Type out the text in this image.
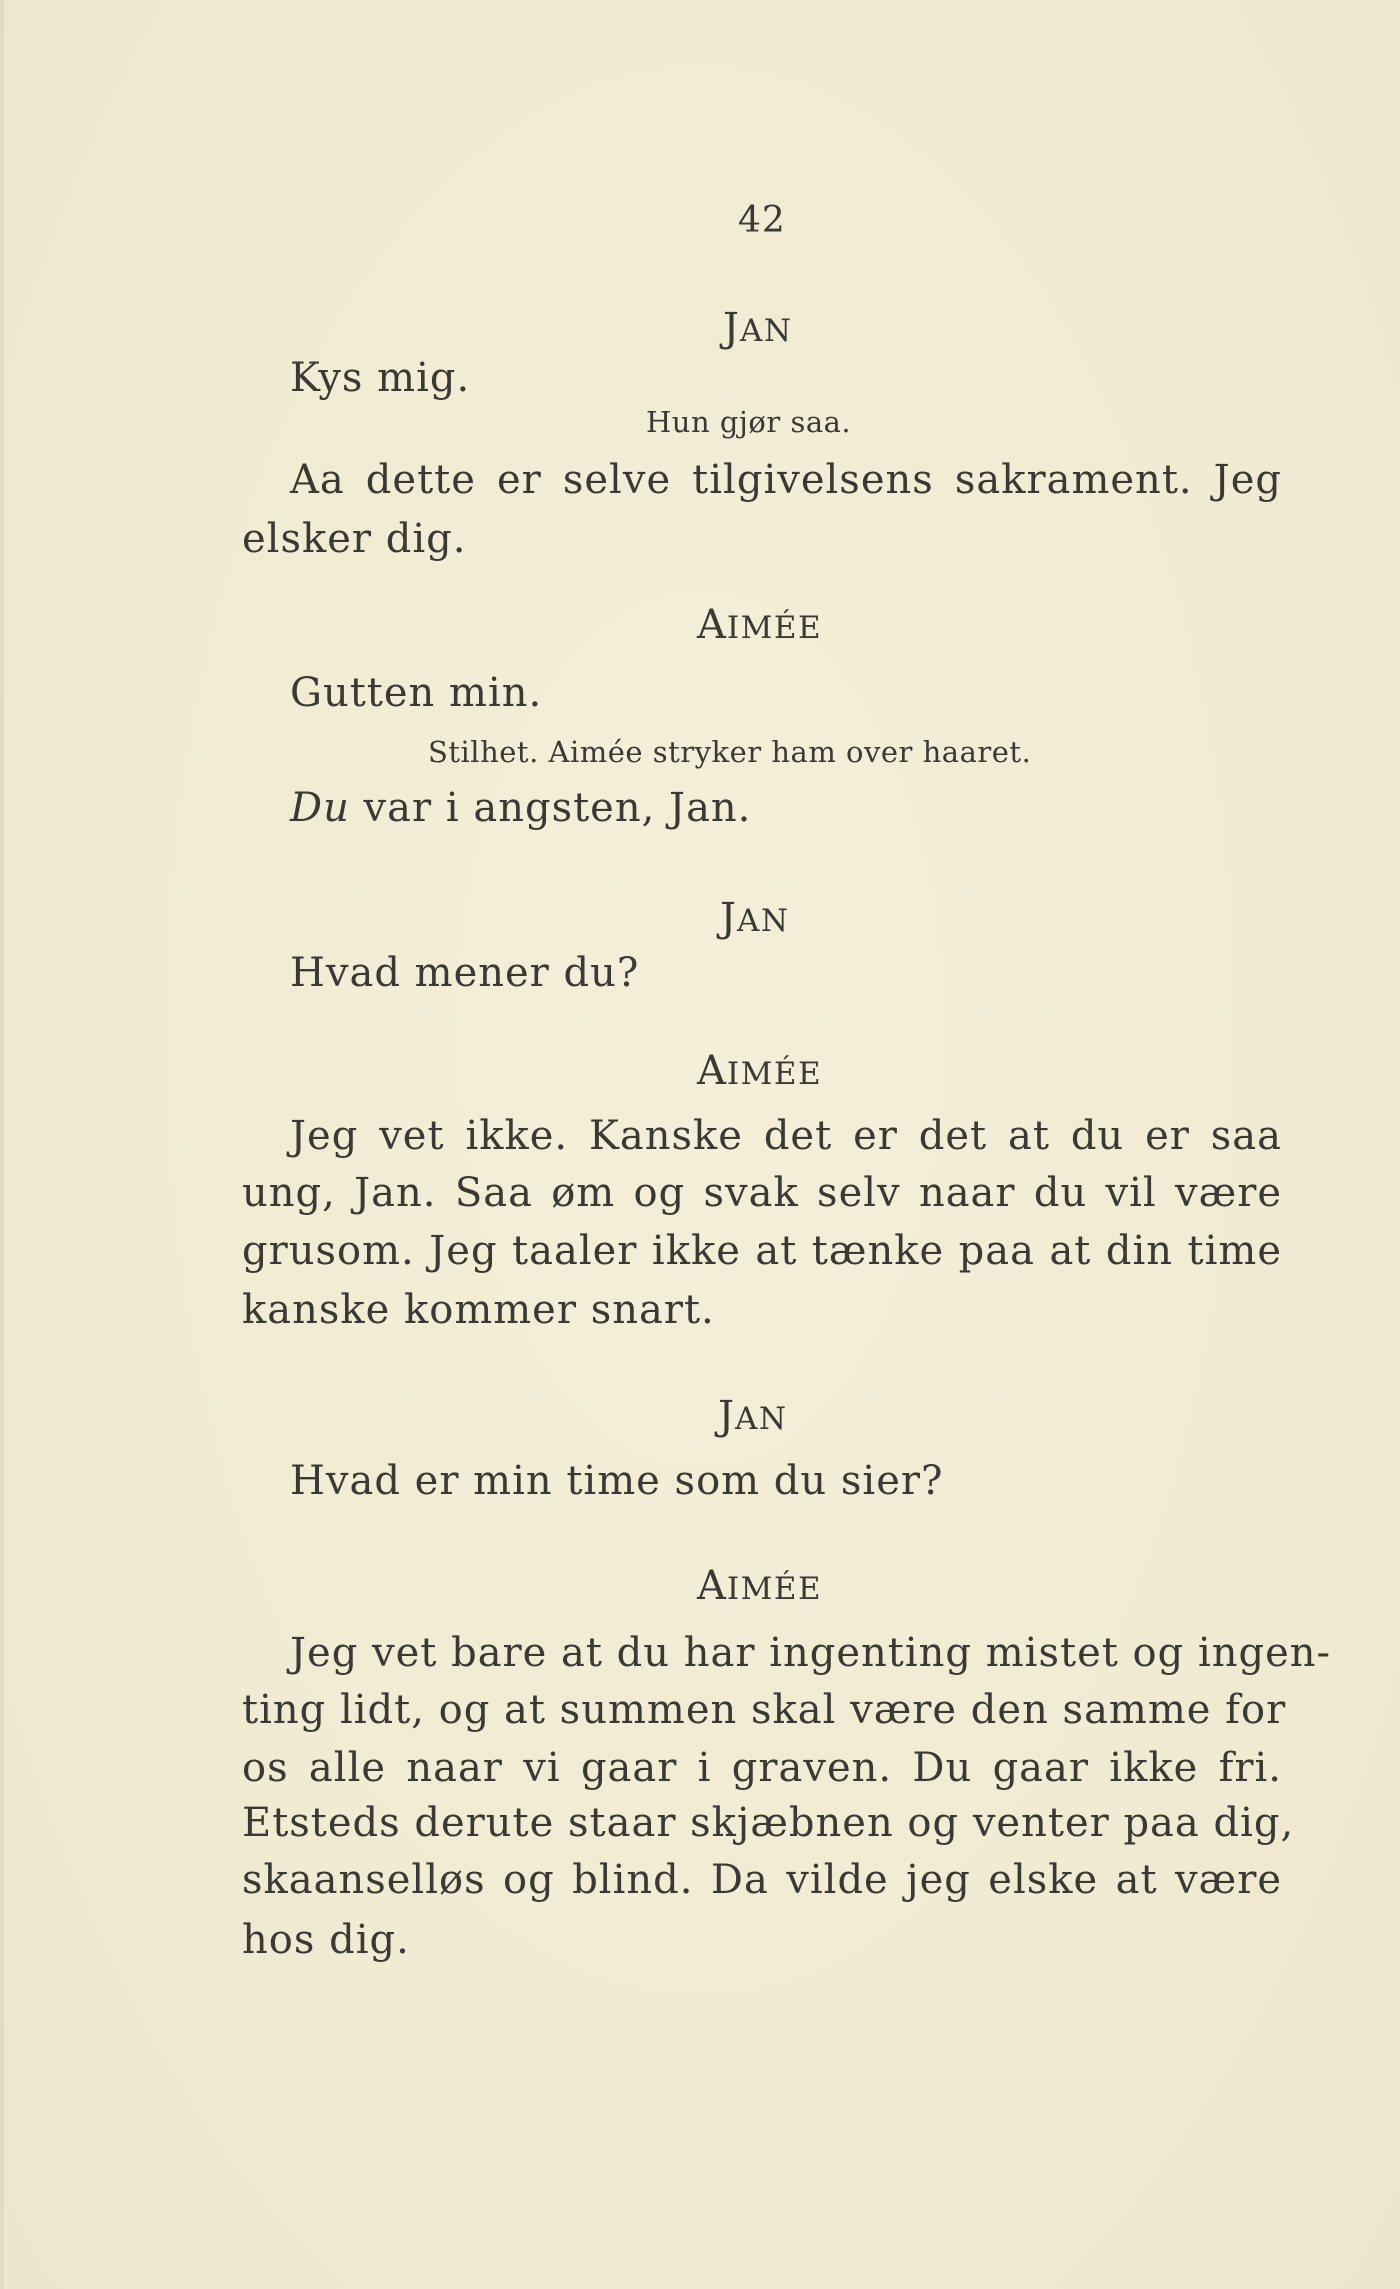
42
JAN
Kys mig.
Hun gjør saa.
Aa dette er selve tilgivelsens sakrament. Jeg
elsker dig.
AIMÉE
Gutten min.
Stilhet. Aimée stryker ham over haaret.
Du var i angsten, Jan.
JAN
Hvad mener du?
AIMÉE
Jeg vet ikke. Kanske det er det at du er saa
ung, Jan. Saa øm og svak selv naar du vil være
grusom. Jeg taaler ikke at tænke paa at din time
kanske kommer snart.
JAN
Hvad er min time som du sier?
AIMÉE
Jeg vet bare at du har ingenting mistet og ingen-
ting lidt, og at summen skal være den samme for
os alle naar vi gaar i graven. Du gaar ikke fri.
Etsteds derute staar skjæbnen og venter paa dig,
skaanselløs og blind. Da vilde jeg elske at være
hos dig.
